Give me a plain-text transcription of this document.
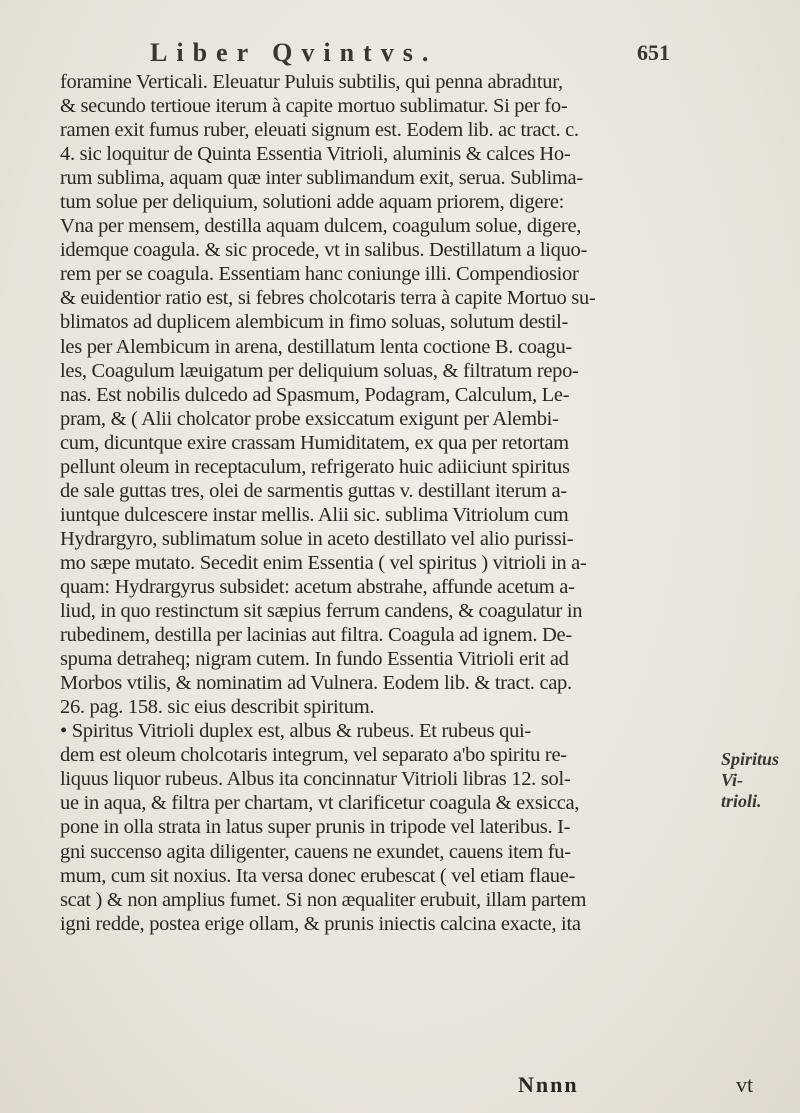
Liber Qvintvs.	651
foramine Verticali. Eleuatur Puluis subtilis, qui penna abradıtur,
& secundo tertioue iterum à capite mortuo sublimatur. Si per fo-
ramen exit fumus ruber, eleuati signum est. Eodem lib. ac tract. c.
4. sic loquitur de Quinta Essentia Vitrioli, aluminis & calces Ho-
rum sublima, aquam quæ inter sublimandum exit, serua. Sublima-
tum solue per deliquium, solutioni adde aquam priorem, digere:
Vna per mensem, destilla aquam dulcem, coagulum solue, digere,
idemque coagula. & sic procede, vt in salibus. Destillatum a liquo-
rem per se coagula. Essentiam hanc coniunge illi. Compendiosior
& euidentior ratio est, si febres cholcotaris terra à capite Mortuo su-
blimatos ad duplicem alembicum in fimo soluas, solutum destil-
les per Alembicum in arena, destillatum lenta coctione B. coagu-
les, Coagulum læuigatum per deliquium soluas, & filtratum repo-
nas. Est nobilis dulcedo ad Spasmum, Podagram, Calculum, Le-
pram, & ( Alii cholcator probe exsiccatum exigunt per Alembi-
cum, dicuntque exire crassam Humiditatem, ex qua per retortam
pellunt oleum in receptaculum, refrigerato huic adiiciunt spiritus
de sale guttas tres, olei de sarmentis guttas v. destillant iterum a-
iuntque dulcescere instar mellis. Alii sic. sublima Vitriolum cum
Hydrargyro, sublimatum solue in aceto destillato vel alio purissi-
mo sæpe mutato. Secedit enim Essentia ( vel spiritus ) vitrioli in a-
quam: Hydrargyrus subsidet: acetum abstrahe, affunde acetum a-
liud, in quo restinctum sit sæpius ferrum candens, & coagulatur in
rubedinem, destilla per lacinias aut filtra. Coagula ad ignem. De-
spuma detraheq; nigram cutem. In fundo Essentia Vitrioli erit ad
Morbos vtilis, & nominatim ad Vulnera. Eodem lib. & tract. cap.
26. pag. 158. sic eius describit spiritum.
• Spiritus Vitrioli duplex est, albus & rubeus. Et rubeus qui-
dem est oleum cholcotaris integrum, vel separato a'bo spiritu re-
liquus liquor rubeus. Albus ita concinnatur Vitrioli libras 12. sol-
ue in aqua, & filtra per chartam, vt clarificetur coagula & exsicca,
pone in olla strata in latus super prunis in tripode vel lateribus. I-
gni succenso agita diligenter, cauens ne exundet, cauens item fu-
mum, cum sit noxius. Ita versa donec erubescat ( vel etiam flaue-
scat ) & non amplius fumet. Si non æqualiter erubuit, illam partem
igni redde, postea erige ollam, & prunis iniectis calcina exacte, ita
Spiritus Vi-
trioli.
Nnnn	vt
